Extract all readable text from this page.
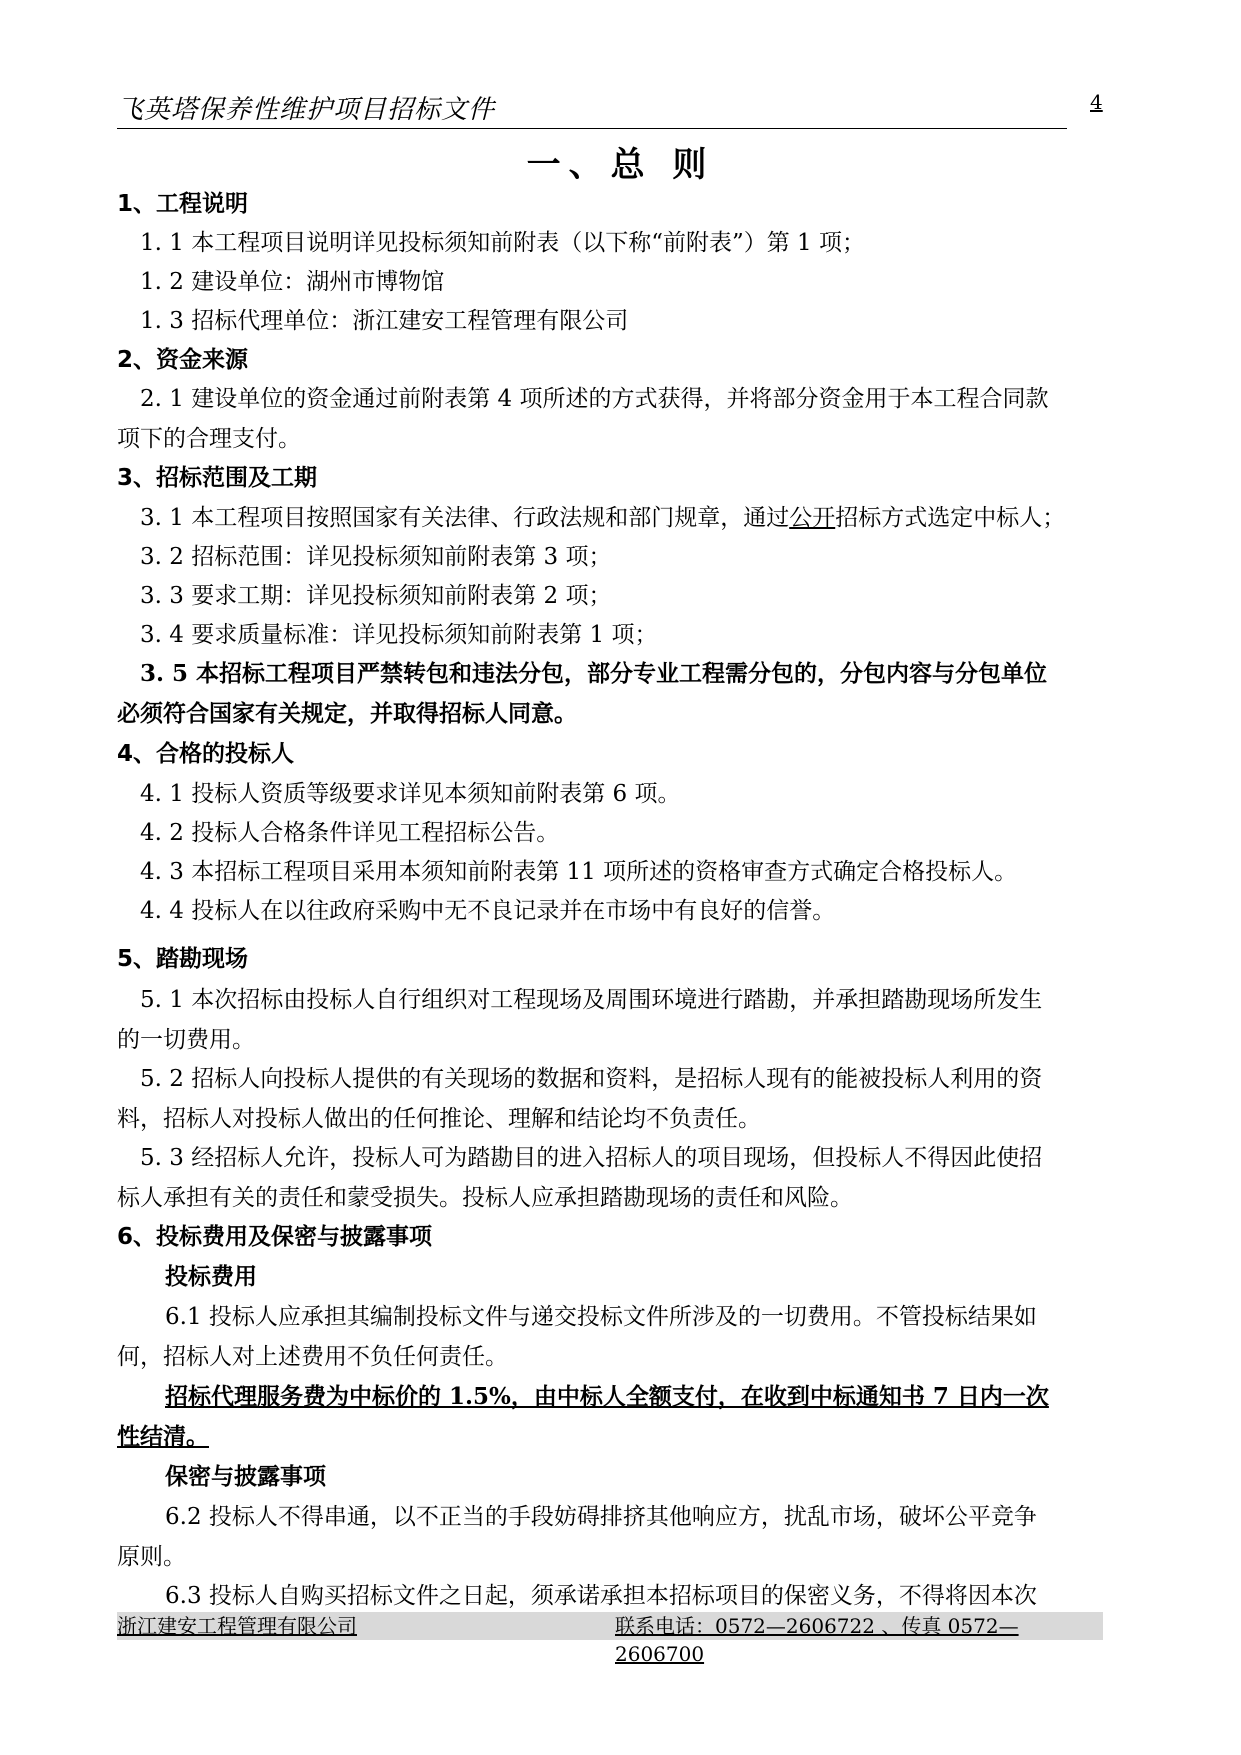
飞英塔保养性维护项目招标文件	4
一、总 则
1、工程说明
1. 1 本工程项目说明详见投标须知前附表（以下称“前附表”）第 1 项；
1. 2 建设单位：湖州市博物馆
1. 3 招标代理单位：浙江建安工程管理有限公司
2、资金来源
2. 1 建设单位的资金通过前附表第 4 项所述的方式获得，并将部分资金用于本工程合同款
项下的合理支付。
3、招标范围及工期
3. 1 本工程项目按照国家有关法律、行政法规和部门规章，通过公开招标方式选定中标人；
3. 2 招标范围：详见投标须知前附表第 3 项；
3. 3 要求工期：详见投标须知前附表第 2 项；
3. 4 要求质量标准：详见投标须知前附表第 1 项；
3. 5 本招标工程项目严禁转包和违法分包，部分专业工程需分包的，分包内容与分包单位
必须符合国家有关规定，并取得招标人同意。
4、合格的投标人
4. 1 投标人资质等级要求详见本须知前附表第 6 项。
4. 2 投标人合格条件详见工程招标公告。
4. 3 本招标工程项目采用本须知前附表第 11 项所述的资格审查方式确定合格投标人。
4. 4 投标人在以往政府采购中无不良记录并在市场中有良好的信誉。
5、踏勘现场
5. 1 本次招标由投标人自行组织对工程现场及周围环境进行踏勘，并承担踏勘现场所发生
的一切费用。
5. 2 招标人向投标人提供的有关现场的数据和资料，是招标人现有的能被投标人利用的资
料，招标人对投标人做出的任何推论、理解和结论均不负责任。
5. 3 经招标人允许，投标人可为踏勘目的进入招标人的项目现场，但投标人不得因此使招
标人承担有关的责任和蒙受损失。投标人应承担踏勘现场的责任和风险。
6、投标费用及保密与披露事项
投标费用
6.1 投标人应承担其编制投标文件与递交投标文件所涉及的一切费用。不管投标结果如
何，招标人对上述费用不负任何责任。
招标代理服务费为中标价的 1.5%，由中标人全额支付，在收到中标通知书 7 日内一次
性结清。
保密与披露事项
6.2 投标人不得串通，以不正当的手段妨碍排挤其他响应方，扰乱市场，破坏公平竞争
原则。
6.3 投标人自购买招标文件之日起，须承诺承担本招标项目的保密义务，不得将因本次
浙江建安工程管理有限公司	联系电话：0572—2606722 、传真 0572—2606700
